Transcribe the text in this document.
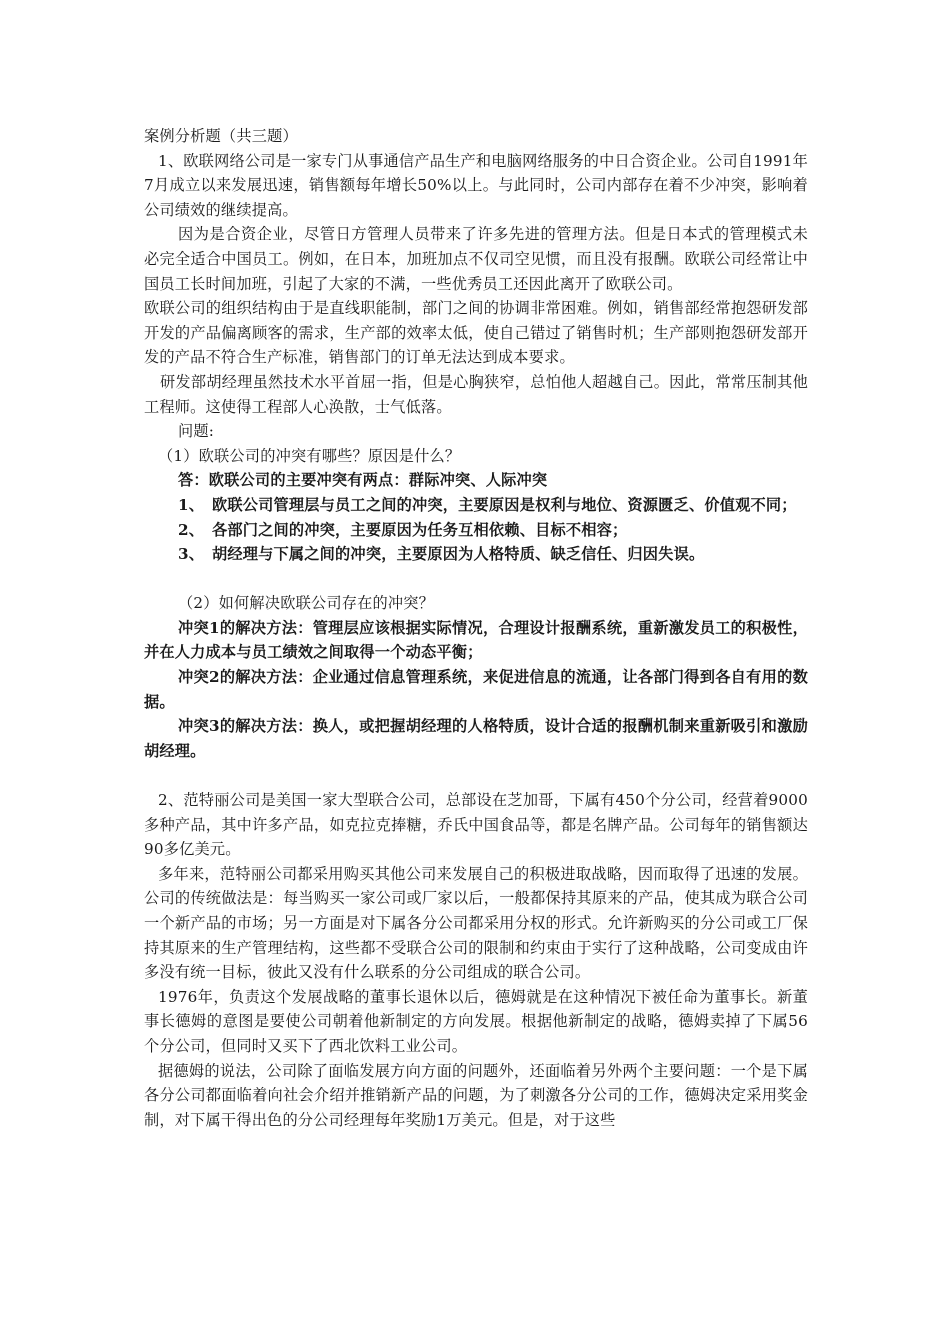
案例分析题（共三题）

1、欧联网络公司是一家专门从事通信产品生产和电脑网络服务的中日合资企业。公司自1991年7月成立以来发展迅速，销售额每年增长50%以上。与此同时，公司内部存在着不少冲突，影响着公司绩效的继续提高。

因为是合资企业，尽管日方管理人员带来了许多先进的管理方法。但是日本式的管理模式未必完全适合中国员工。例如，在日本，加班加点不仅司空见惯，而且没有报酬。欧联公司经常让中国员工长时间加班，引起了大家的不满，一些优秀员工还因此离开了欧联公司。

欧联公司的组织结构由于是直线职能制，部门之间的协调非常困难。例如，销售部经常抱怨研发部开发的产品偏离顾客的需求，生产部的效率太低，使自己错过了销售时机；生产部则抱怨研发部开发的产品不符合生产标准，销售部门的订单无法达到成本要求。

研发部胡经理虽然技术水平首屈一指，但是心胸狭窄，总怕他人超越自己。因此，常常压制其他工程师。这使得工程部人心涣散，士气低落。

问题:

（1）欧联公司的冲突有哪些？原因是什么？

答：欧联公司的主要冲突有两点：群际冲突、人际冲突

1、　欧联公司管理层与员工之间的冲突，主要原因是权利与地位、资源匮乏、价值观不同；

2、　各部门之间的冲突，主要原因为任务互相依赖、目标不相容；

3、　胡经理与下属之间的冲突，主要原因为人格特质、缺乏信任、归因失误。

（2）如何解决欧联公司存在的冲突？

冲突1的解决方法：管理层应该根据实际情况，合理设计报酬系统，重新激发员工的积极性，并在人力成本与员工绩效之间取得一个动态平衡；

冲突2的解决方法：企业通过信息管理系统，来促进信息的流通，让各部门得到各自有用的数据。

冲突3的解决方法：换人，或把握胡经理的人格特质，设计合适的报酬机制来重新吸引和激励胡经理。

2、范特丽公司是美国一家大型联合公司，总部设在芝加哥，下属有450个分公司，经营着9000多种产品，其中许多产品，如克拉克捧糖，乔氏中国食品等，都是名牌产品。公司每年的销售额达90多亿美元。

多年来，范特丽公司都采用购买其他公司来发展自己的积极进取战略，因而取得了迅速的发展。公司的传统做法是：每当购买一家公司或厂家以后，一般都保持其原来的产品，使其成为联合公司一个新产品的市场；另一方面是对下属各分公司都采用分权的形式。允许新购买的分公司或工厂保持其原来的生产管理结构，这些都不受联合公司的限制和约束由于实行了这种战略，公司变成由许多没有统一目标，彼此又没有什么联系的分公司组成的联合公司。

1976年，负责这个发展战略的董事长退休以后，德姆就是在这种情况下被任命为董事长。新董事长德姆的意图是要使公司朝着他新制定的方向发展。根据他新制定的战略，德姆卖掉了下属56个分公司，但同时又买下了西北饮料工业公司。

据德姆的说法，公司除了面临发展方向方面的问题外，还面临着另外两个主要问题：一个是下属各分公司都面临着向社会介绍并推销新产品的问题，为了刺激各分公司的工作，德姆决定采用奖金制，对下属干得出色的分公司经理每年奖励1万美元。但是，对于这些
